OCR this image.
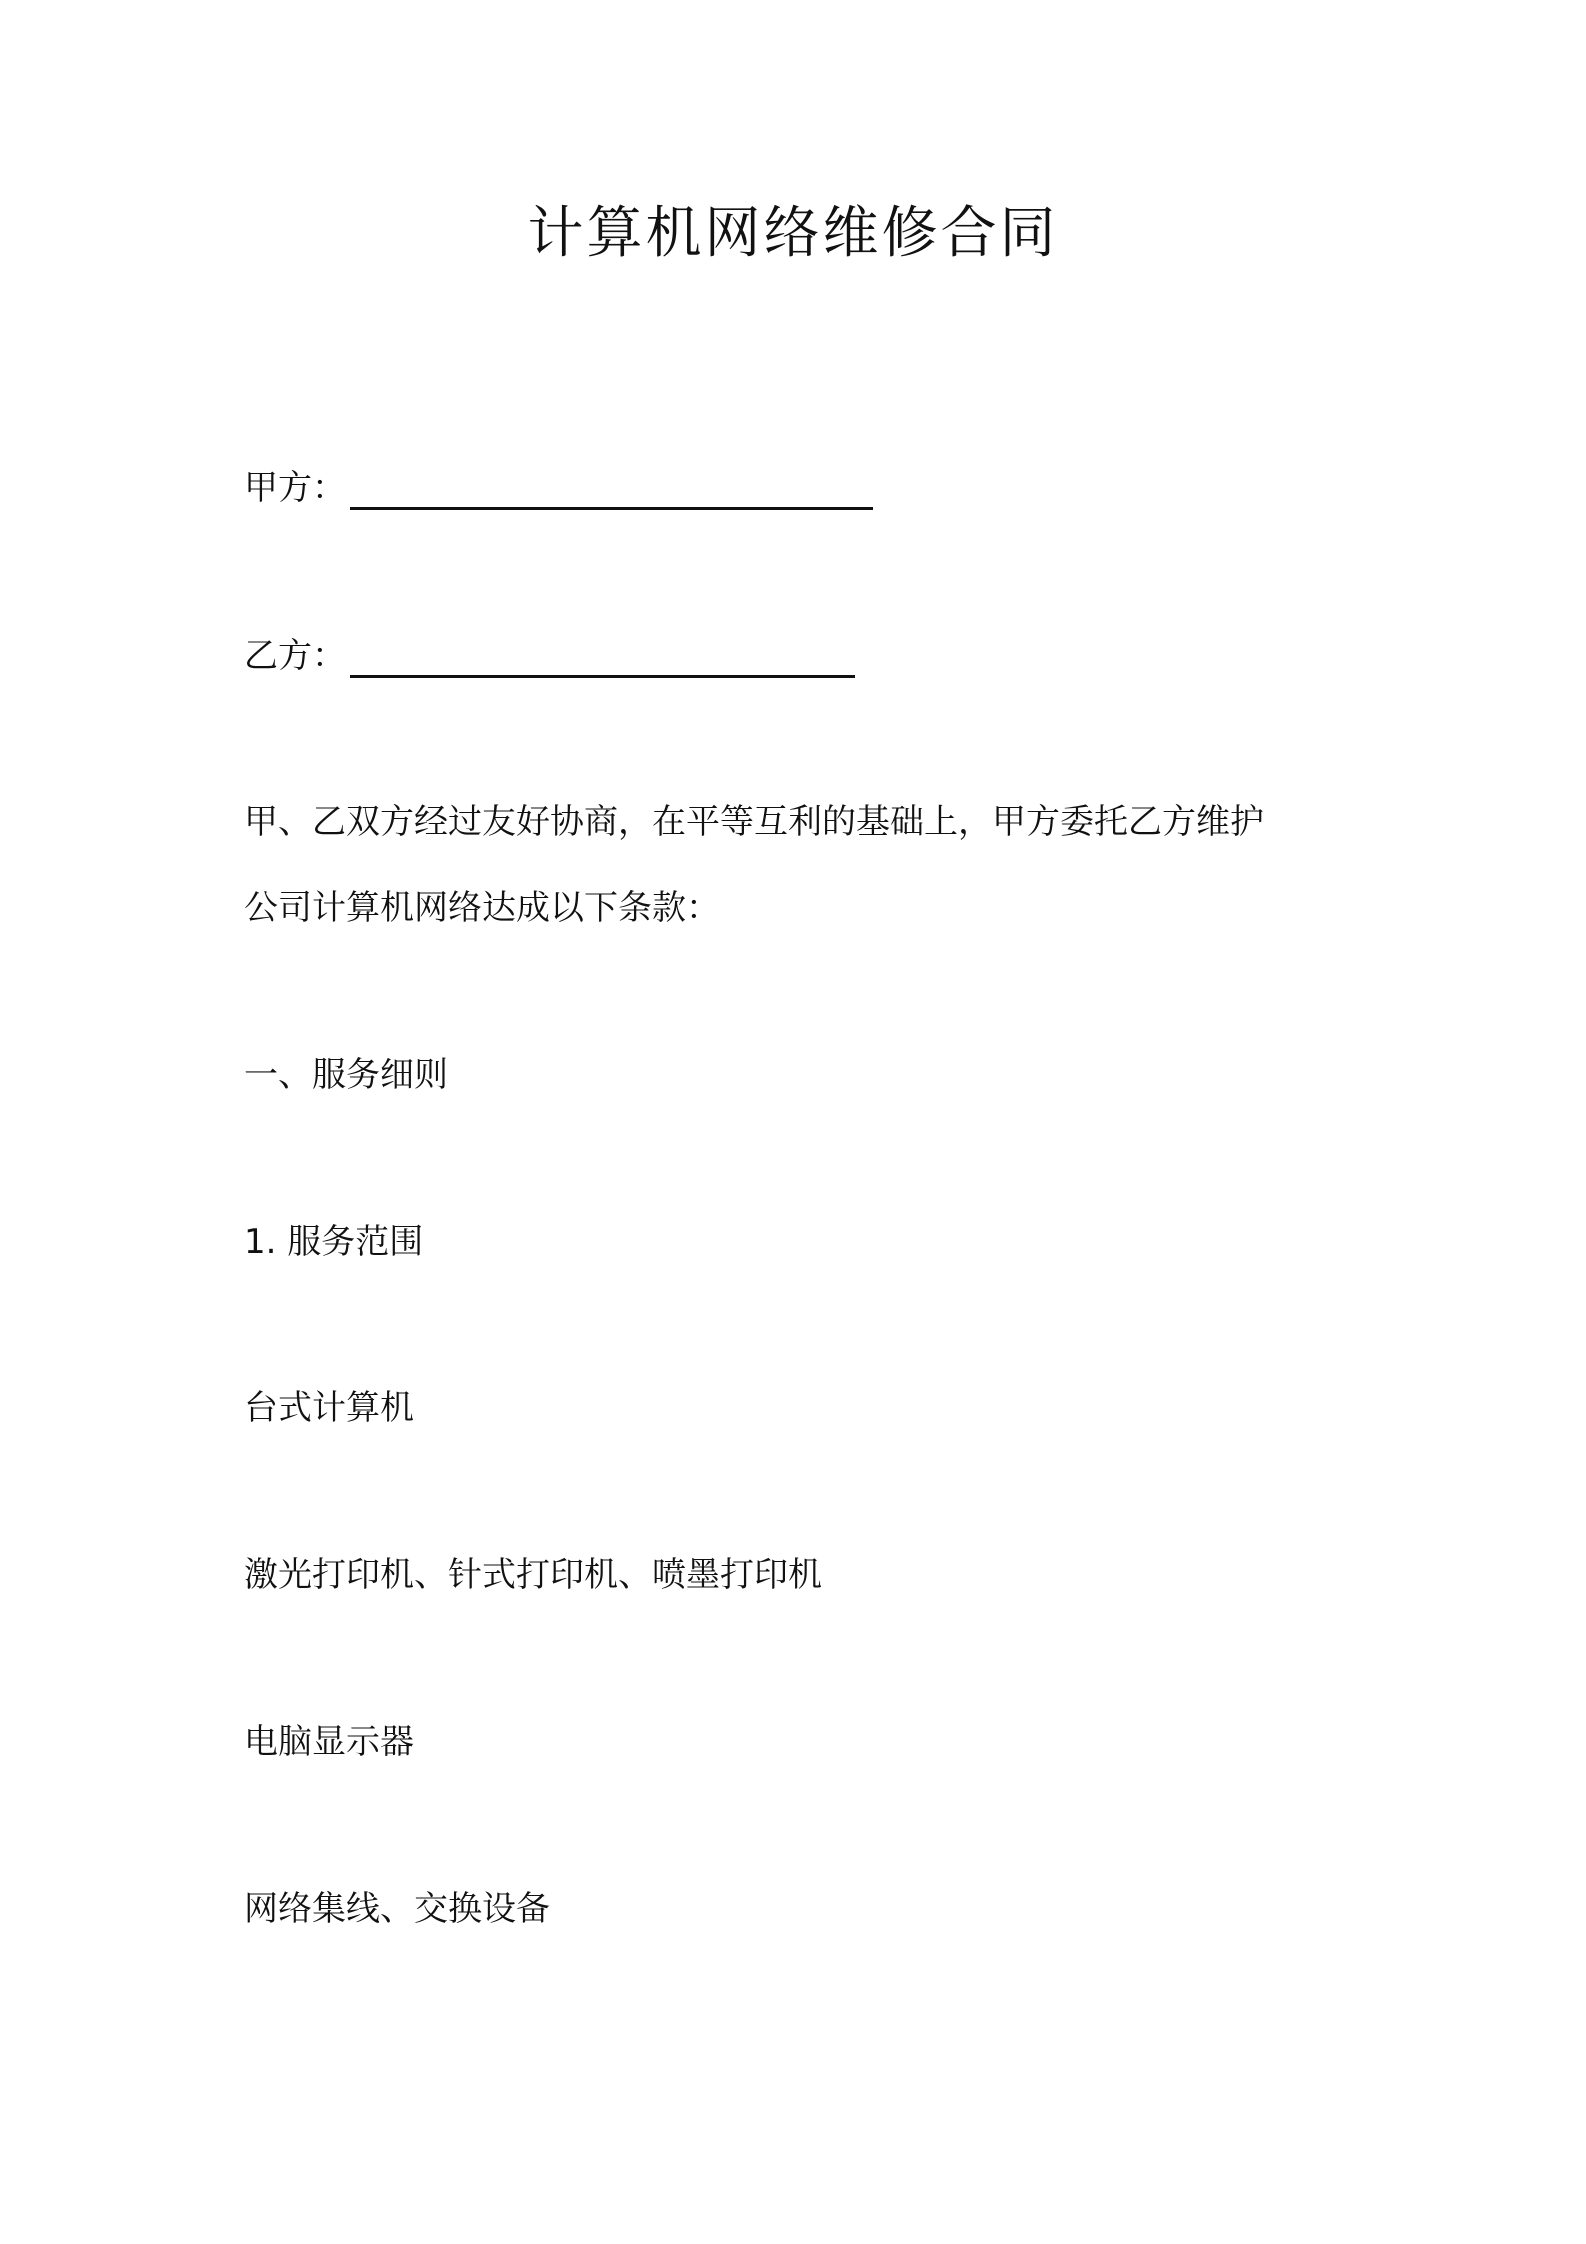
计算机网络维修合同
甲方：
乙方：

甲、乙双方经过友好协商，在平等互利的基础上，甲方委托乙方维护

公司计算机网络达成以下条款：

一、服务细则

1. 服务范围

台式计算机

激光打印机、针式打印机、喷墨打印机

电脑显示器

网络集线、交换设备
